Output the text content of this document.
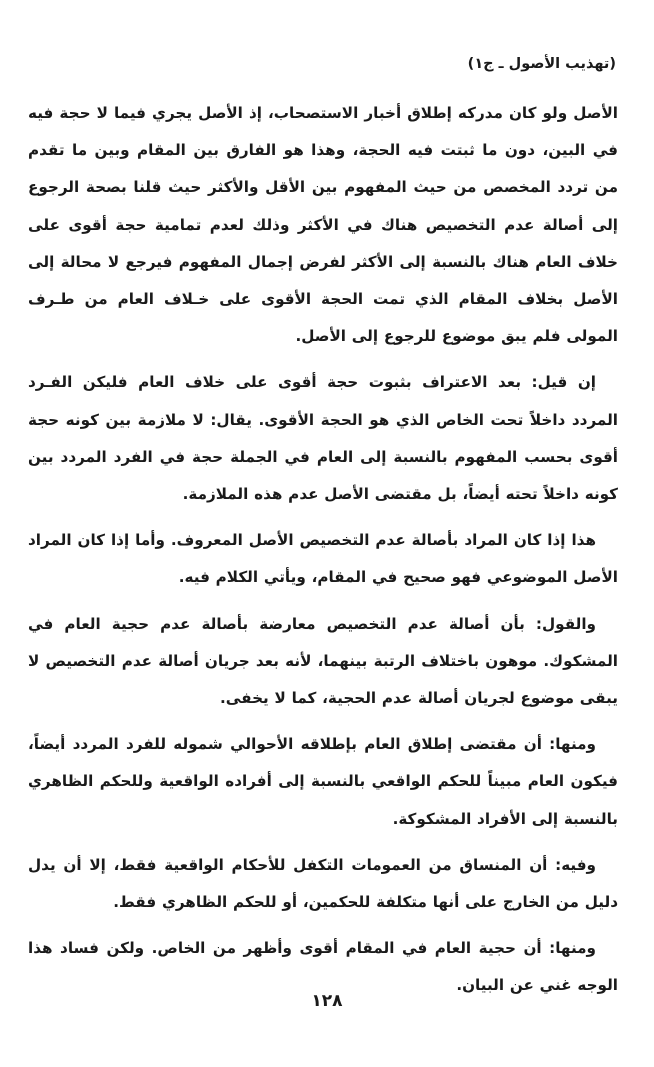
(تهذيب الأصول ـ ج١)

الأصل ولو كان مدركه إطلاق أخبار الاستصحاب، إذ الأصل يجري فيما لا حجة فيه في البين، دون ما ثبتت فيه الحجة، وهذا هو الفارق بين المقام وبين ما تقدم من تردد المخصص من حيث المفهوم بين الأقل والأكثر حيث قلنا بصحة الرجوع إلى أصالة عدم التخصيص هناك في الأكثر وذلك لعدم تمامية حجة أقوى على خلاف العام هناك بالنسبة إلى الأكثر لفرض إجمال المفهوم فيرجع لا محالة إلى الأصل بخلاف المقام الذي تمت الحجة الأقوى على خـلاف العام من طـرف المولى فلم يبق موضوع للرجوع إلى الأصل.

إن قيل: بعد الاعتراف بثبوت حجة أقوى على خلاف العام فليكن الفـرد المردد داخلاً تحت الخاص الذي هو الحجة الأقوى. يقال: لا ملازمة بين كونه حجة أقوى بحسب المفهوم بالنسبة إلى العام في الجملة حجة في الفرد المردد بين كونه داخلاً تحته أيضاً، بل مقتضى الأصل عدم هذه الملازمة.

هذا إذا كان المراد بأصالة عدم التخصيص الأصل المعروف. وأما إذا كان المراد الأصل الموضوعي فهو صحيح في المقام، ويأتي الكلام فيه.

والقول: بأن أصالة عدم التخصيص معارضة بأصالة عدم حجية العام في المشكوك. موهون باختلاف الرتبة بينهما، لأنه بعد جريان أصالة عدم التخصيص لا يبقى موضوع لجريان أصالة عدم الحجية، كما لا يخفى.

ومنها: أن مقتضى إطلاق العام بإطلاقه الأحوالي شموله للفرد المردد أيضاً، فيكون العام مبيناً للحكم الواقعي بالنسبة إلى أفراده الواقعية وللحكم الظاهري بالنسبة إلى الأفراد المشكوكة.

وفيه: أن المنساق من العمومات التكفل للأحكام الواقعية فقط، إلا أن يدل دليل من الخارج على أنها متكلفة للحكمين، أو للحكم الظاهري فقط.

ومنها: أن حجية العام في المقام أقوى وأظهر من الخاص. ولكن فساد هذا الوجه غني عن البيان.

١٢٨
